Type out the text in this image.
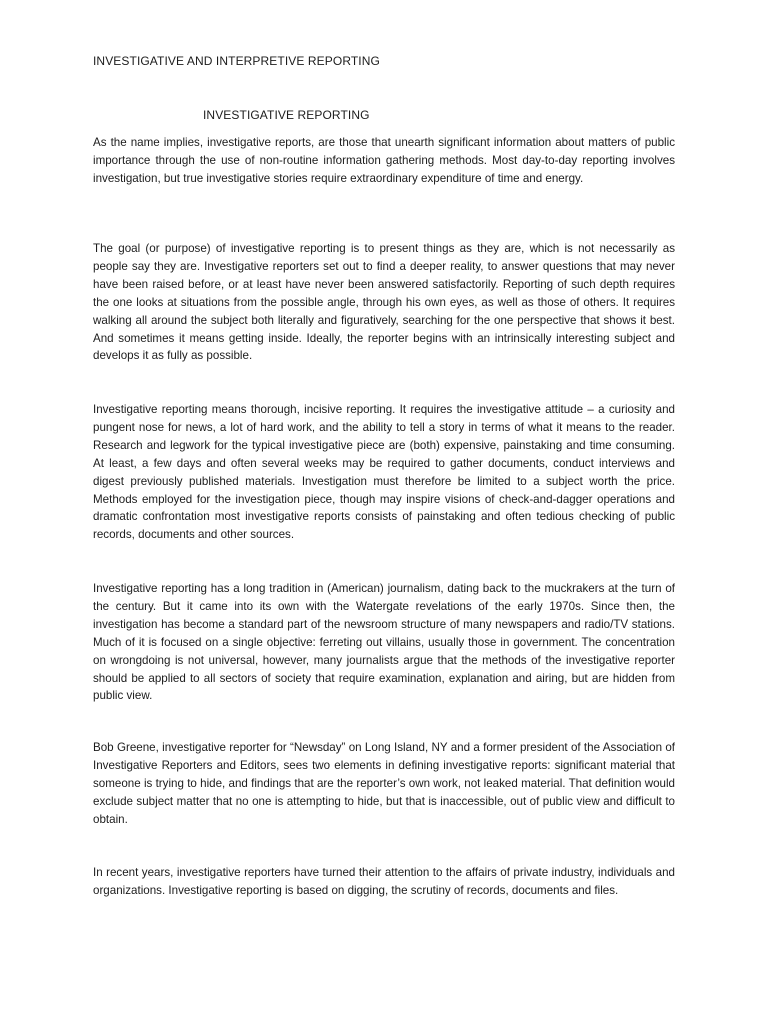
INVESTIGATIVE AND INTERPRETIVE REPORTING
INVESTIGATIVE REPORTING

As the name implies, investigative reports, are those that unearth significant information about matters of public importance through the use of non-routine information gathering methods. Most day-to-day reporting involves investigation, but true investigative stories require extraordinary expenditure of time and energy.

The goal (or purpose) of investigative reporting is to present things as they are, which is not necessarily as people say they are. Investigative reporters set out to find a deeper reality, to answer questions that may never have been raised before, or at least have never been answered satisfactorily. Reporting of such depth requires the one looks at situations from the possible angle, through his own eyes, as well as those of others. It requires walking all around the subject both literally and figuratively, searching for the one perspective that shows it best. And sometimes it means getting inside. Ideally, the reporter begins with an intrinsically interesting subject and develops it as fully as possible.

Investigative reporting means thorough, incisive reporting. It requires the investigative attitude – a curiosity and pungent nose for news, a lot of hard work, and the ability to tell a story in terms of what it means to the reader. Research and legwork for the typical investigative piece are (both) expensive, painstaking and time consuming. At least, a few days and often several weeks may be required to gather documents, conduct interviews and digest previously published materials. Investigation must therefore be limited to a subject worth the price. Methods employed for the investigation piece, though may inspire visions of check-and-dagger operations and dramatic confrontation most investigative reports consists of painstaking and often tedious checking of public records, documents and other sources.

Investigative reporting has a long tradition in (American) journalism, dating back to the muckrakers at the turn of the century. But it came into its own with the Watergate revelations of the early 1970s. Since then, the investigation has become a standard part of the newsroom structure of many newspapers and radio/TV stations. Much of it is focused on a single objective: ferreting out villains, usually those in government. The concentration on wrongdoing is not universal, however, many journalists argue that the methods of the investigative reporter should be applied to all sectors of society that require examination, explanation and airing, but are hidden from public view.

Bob Greene, investigative reporter for “Newsday” on Long Island, NY and a former president of the Association of Investigative Reporters and Editors, sees two elements in defining investigative reports: significant material that someone is trying to hide, and findings that are the reporter’s own work, not leaked material. That definition would exclude subject matter that no one is attempting to hide, but that is inaccessible, out of public view and difficult to obtain.

In recent years, investigative reporters have turned their attention to the affairs of private industry, individuals and organizations. Investigative reporting is based on digging, the scrutiny of records, documents and files.
